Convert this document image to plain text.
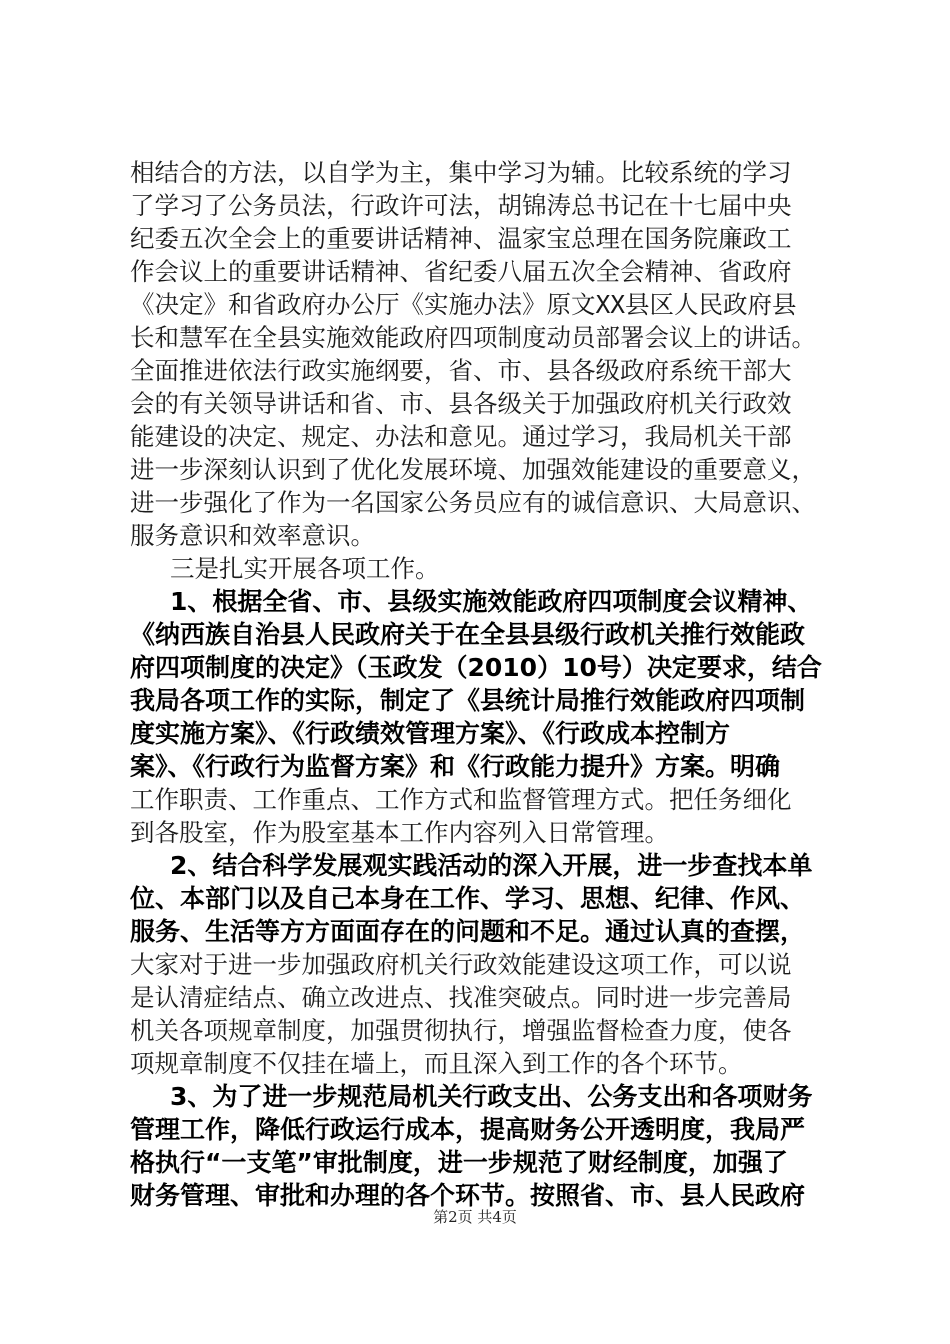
相结合的方法，以自学为主，集中学习为辅。比较系统的学习
了学习了公务员法，行政许可法，胡锦涛总书记在十七届中央
纪委五次全会上的重要讲话精神、温家宝总理在国务院廉政工
作会议上的重要讲话精神、省纪委八届五次全会精神、省政府
《决定》和省政府办公厅《实施办法》原文XX县区人民政府县
长和慧军在全县实施效能政府四项制度动员部署会议上的讲话。
全面推进依法行政实施纲要，省、市、县各级政府系统干部大
会的有关领导讲话和省、市、县各级关于加强政府机关行政效
能建设的决定、规定、办法和意见。通过学习，我局机关干部
进一步深刻认识到了优化发展环境、加强效能建设的重要意义，
进一步强化了作为一名国家公务员应有的诚信意识、大局意识、
服务意识和效率意识。
三是扎实开展各项工作。
1、根据全省、市、县级实施效能政府四项制度会议精神、
《纳西族自治县人民政府关于在全县县级行政机关推行效能政
府四项制度的决定》（玉政发（2010）10号）决定要求，结合
我局各项工作的实际，制定了《县统计局推行效能政府四项制
度实施方案》、《行政绩效管理方案》、《行政成本控制方
案》、《行政行为监督方案》和《行政能力提升》方案。明确
工作职责、工作重点、工作方式和监督管理方式。把任务细化
到各股室，作为股室基本工作内容列入日常管理。
2、结合科学发展观实践活动的深入开展，进一步查找本单
位、本部门以及自己本身在工作、学习、思想、纪律、作风、
服务、生活等方方面面存在的问题和不足。通过认真的查摆，
大家对于进一步加强政府机关行政效能建设这项工作，可以说
是认清症结点、确立改进点、找准突破点。同时进一步完善局
机关各项规章制度，加强贯彻执行，增强监督检查力度，使各
项规章制度不仅挂在墙上，而且深入到工作的各个环节。
3、为了进一步规范局机关行政支出、公务支出和各项财务
管理工作，降低行政运行成本，提高财务公开透明度，我局严
格执行“一支笔”审批制度，进一步规范了财经制度，加强了
财务管理、审批和办理的各个环节。按照省、市、县人民政府
第2页 共4页
